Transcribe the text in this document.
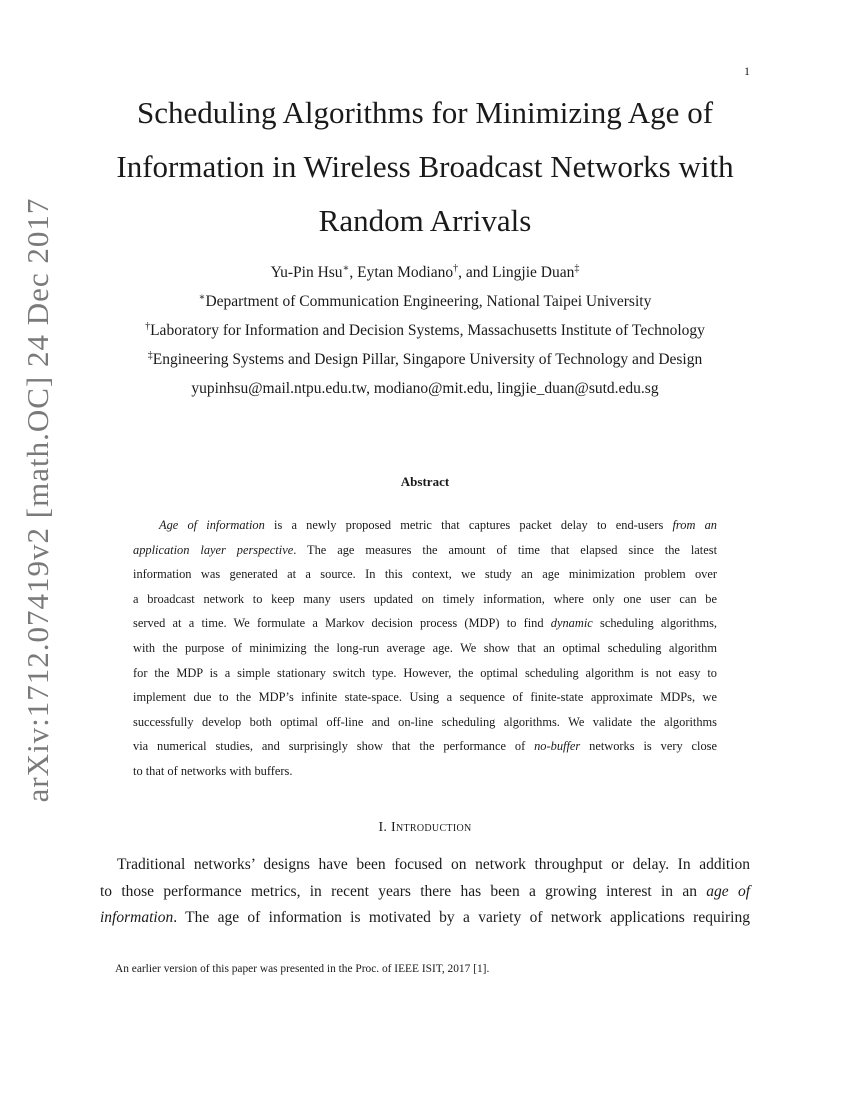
1
arXiv:1712.07419v2 [math.OC] 24 Dec 2017
Scheduling Algorithms for Minimizing Age of
Information in Wireless Broadcast Networks with
Random Arrivals
Yu-Pin Hsu∗, Eytan Modiano†, and Lingjie Duan‡
∗Department of Communication Engineering, National Taipei University
†Laboratory for Information and Decision Systems, Massachusetts Institute of Technology
‡Engineering Systems and Design Pillar, Singapore University of Technology and Design
yupinhsu@mail.ntpu.edu.tw, modiano@mit.edu, lingjie_duan@sutd.edu.sg
Abstract
Age of information is a newly proposed metric that captures packet delay to end-users from an
application layer perspective. The age measures the amount of time that elapsed since the latest
information was generated at a source. In this context, we study an age minimization problem over
a broadcast network to keep many users updated on timely information, where only one user can be
served at a time. We formulate a Markov decision process (MDP) to find dynamic scheduling algorithms,
with the purpose of minimizing the long-run average age. We show that an optimal scheduling algorithm
for the MDP is a simple stationary switch type. However, the optimal scheduling algorithm is not easy to
implement due to the MDP’s infinite state-space. Using a sequence of finite-state approximate MDPs, we
successfully develop both optimal off-line and on-line scheduling algorithms. We validate the algorithms
via numerical studies, and surprisingly show that the performance of no-buffer networks is very close
to that of networks with buffers.
I. Introduction
Traditional networks’ designs have been focused on network throughput or delay. In addition
to those performance metrics, in recent years there has been a growing interest in an age of
information. The age of information is motivated by a variety of network applications requiring
An earlier version of this paper was presented in the Proc. of IEEE ISIT, 2017 [1].
